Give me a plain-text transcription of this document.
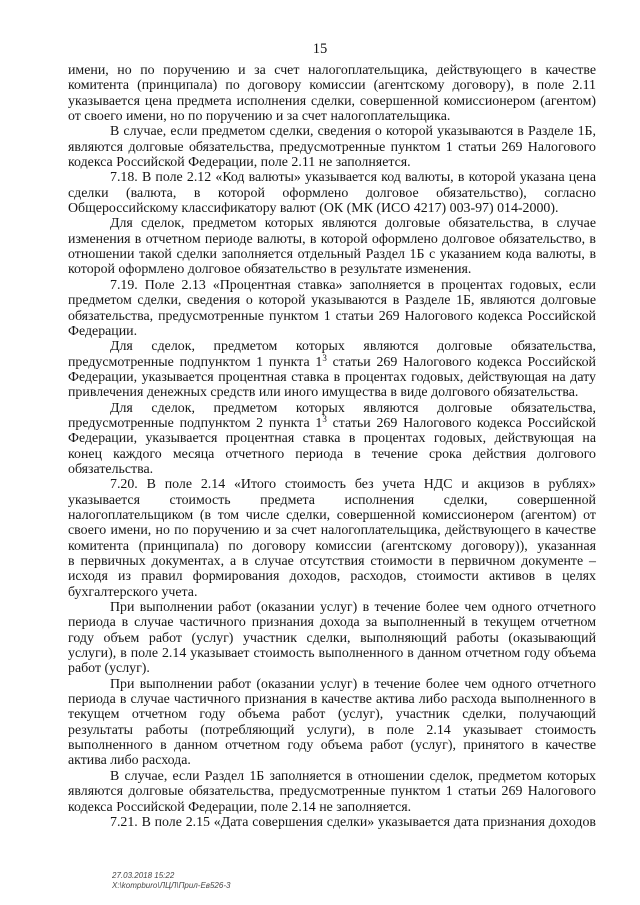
15
имени, но по поручению и за счет налогоплательщика, действующего в качестве
комитента (принципала) по договору комиссии (агентскому договору), в поле 2.11
указывается цена предмета исполнения сделки, совершенной комиссионером (агентом)
от своего имени, но по поручению и за счет налогоплательщика.
В случае, если предметом сделки, сведения о которой указываются в Разделе 1Б,
являются долговые обязательства, предусмотренные пунктом 1 статьи 269 Налогового
кодекса Российской Федерации, поле 2.11 не заполняется.
7.18. В поле 2.12 «Код валюты» указывается код валюты, в которой указана цена
сделки (валюта, в которой оформлено долговое обязательство), согласно
Общероссийскому классификатору валют (ОК (МК (ИСО 4217) 003-97) 014-2000).
Для сделок, предметом которых являются долговые обязательства, в случае
изменения в отчетном периоде валюты, в которой оформлено долговое обязательство, в
отношении такой сделки заполняется отдельный Раздел 1Б с указанием кода валюты, в
которой оформлено долговое обязательство в результате изменения.
7.19. Поле 2.13 «Процентная ставка» заполняется в процентах годовых, если
предметом сделки, сведения о которой указываются в Разделе 1Б, являются долговые
обязательства, предусмотренные пунктом 1 статьи 269 Налогового кодекса Российской
Федерации.
Для сделок, предметом которых являются долговые обязательства,
предусмотренные подпунктом 1 пункта $1^3$ статьи 269 Налогового кодекса Российской
Федерации, указывается процентная ставка в процентах годовых, действующая на дату
привлечения денежных средств или иного имущества в виде долгового обязательства.
Для сделок, предметом которых являются долговые обязательства,
предусмотренные подпунктом 2 пункта $1^3$ статьи 269 Налогового кодекса Российской
Федерации, указывается процентная ставка в процентах годовых, действующая на
конец каждого месяца отчетного периода в течение срока действия долгового
обязательства.
7.20. В поле 2.14 «Итого стоимость без учета НДС и акцизов в рублях»
указывается стоимость предмета исполнения сделки, совершенной
налогоплательщиком (в том числе сделки, совершенной комиссионером (агентом) от
своего имени, но по поручению и за счет налогоплательщика, действующего в качестве
комитента (принципала) по договору комиссии (агентскому договору)), указанная
в первичных документах, а в случае отсутствия стоимости в первичном документе –
исходя из правил формирования доходов, расходов, стоимости активов в целях
бухгалтерского учета.
При выполнении работ (оказании услуг) в течение более чем одного отчетного
периода в случае частичного признания дохода за выполненный в текущем отчетном
году объем работ (услуг) участник сделки, выполняющий работы (оказывающий
услуги), в поле 2.14 указывает стоимость выполненного в данном отчетном году объема
работ (услуг).
При выполнении работ (оказании услуг) в течение более чем одного отчетного
периода в случае частичного признания в качестве актива либо расхода выполненного в
текущем отчетном году объема работ (услуг), участник сделки, получающий
результаты работы (потребляющий услуги), в поле 2.14 указывает стоимость
выполненного в данном отчетном году объема работ (услуг), принятого в качестве
актива либо расхода.
В случае, если Раздел 1Б заполняется в отношении сделок, предметом которых
являются долговые обязательства, предусмотренные пунктом 1 статьи 269 Налогового
кодекса Российской Федерации, поле 2.14 не заполняется.
7.21. В поле 2.15 «Дата совершения сделки» указывается дата признания доходов
27.03.2018 15:22
X:\kompburo\ЛЦЛ\Прил-Ев526-3
